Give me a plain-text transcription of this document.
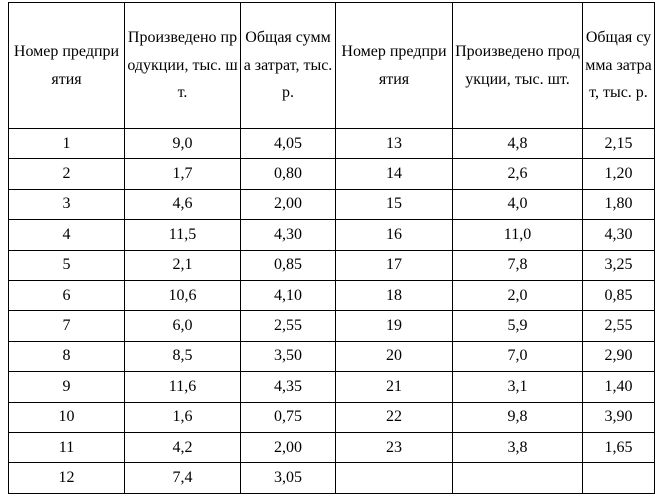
Номер предприятия	Произведено продукции, тыс. шт.	Общая сумма затрат, тыс. р.	Номер предприятия	Произведено продукции, тыс. шт.	Общая сумма затрат, тыс. р.
1	9,0	4,05	13	4,8	2,15
2	1,7	0,80	14	2,6	1,20
3	4,6	2,00	15	4,0	1,80
4	11,5	4,30	16	11,0	4,30
5	2,1	0,85	17	7,8	3,25
6	10,6	4,10	18	2,0	0,85
7	6,0	2,55	19	5,9	2,55
8	8,5	3,50	20	7,0	2,90
9	11,6	4,35	21	3,1	1,40
10	1,6	0,75	22	9,8	3,90
11	4,2	2,00	23	3,8	1,65
12	7,4	3,05			
